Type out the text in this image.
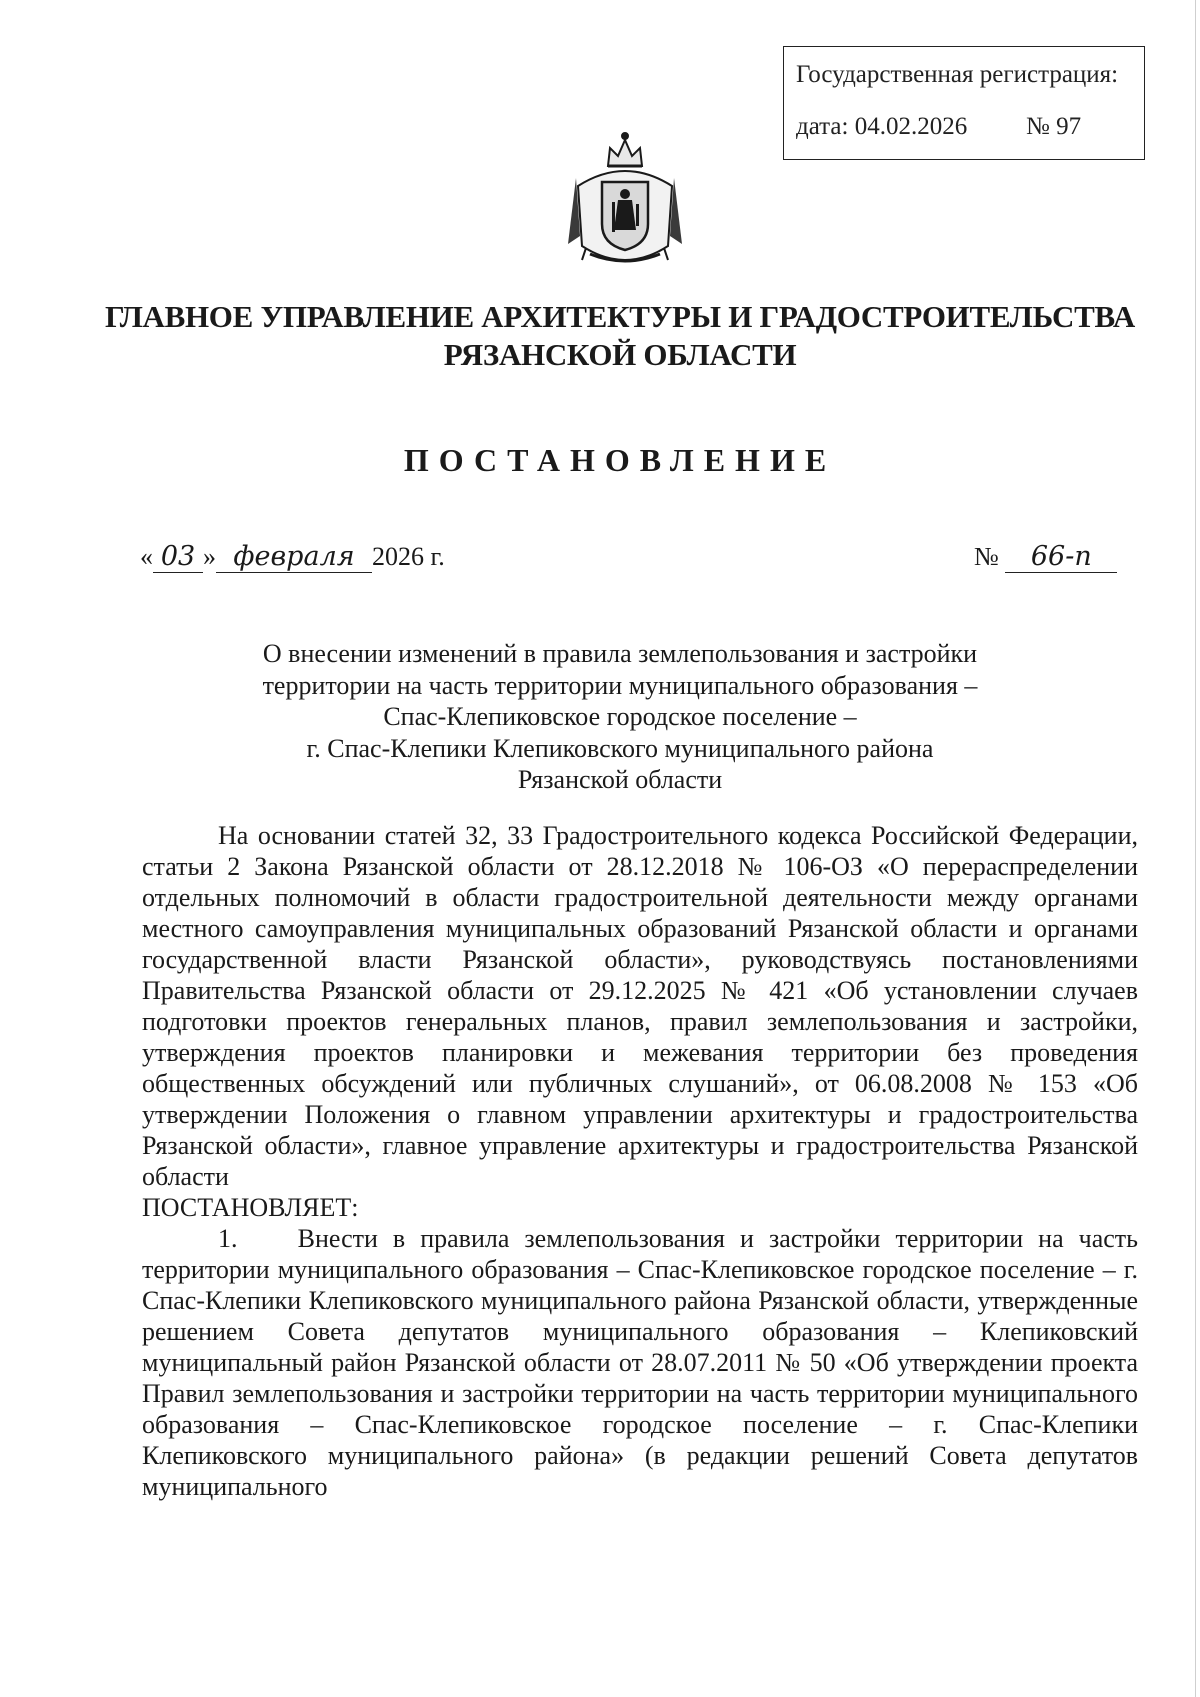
Государственная регистрация:
дата: 04.02.2026 № 97
ГЛАВНОЕ УПРАВЛЕНИЕ АРХИТЕКТУРЫ И ГРАДОСТРОИТЕЛЬСТВА
РЯЗАНСКОЙ ОБЛАСТИ
ПОСТАНОВЛЕНИЕ
« 03 » февраля 2026 г.	№ 66-п
О внесении изменений в правила землепользования и застройки
территории на часть территории муниципального образования –
Спас-Клепиковское городское поселение –
г. Спас-Клепики Клепиковского муниципального района
Рязанской области

На основании статей 32, 33 Градостроительного кодекса Российской Федерации, статьи 2 Закона Рязанской области от 28.12.2018 № 106-ОЗ «О перераспределении отдельных полномочий в области градостроительной деятельности между органами местного самоуправления муниципальных образований Рязанской области и органами государственной власти Рязанской области», руководствуясь постановлениями Правительства Рязанской области от 29.12.2025 № 421 «Об установлении случаев подготовки проектов генеральных планов, правил землепользования и застройки, утверждения проектов планировки и межевания территории без проведения общественных обсуждений или публичных слушаний», от 06.08.2008 № 153 «Об утверждении Положения о главном управлении архитектуры и градостроительства Рязанской области», главное управление архитектуры и градостроительства Рязанской области

ПОСТАНОВЛЯЕТ:

1. Внести в правила землепользования и застройки территории на часть территории муниципального образования – Спас-Клепиковское городское поселение – г. Спас-Клепики Клепиковского муниципального района Рязанской области, утвержденные решением Совета депутатов муниципального образования – Клепиковский муниципальный район Рязанской области от 28.07.2011 № 50 «Об утверждении проекта Правил землепользования и застройки территории на часть территории муниципального образования – Спас-Клепиковское городское поселение – г. Спас-Клепики Клепиковского муниципального района» (в редакции решений Совета депутатов муниципального
